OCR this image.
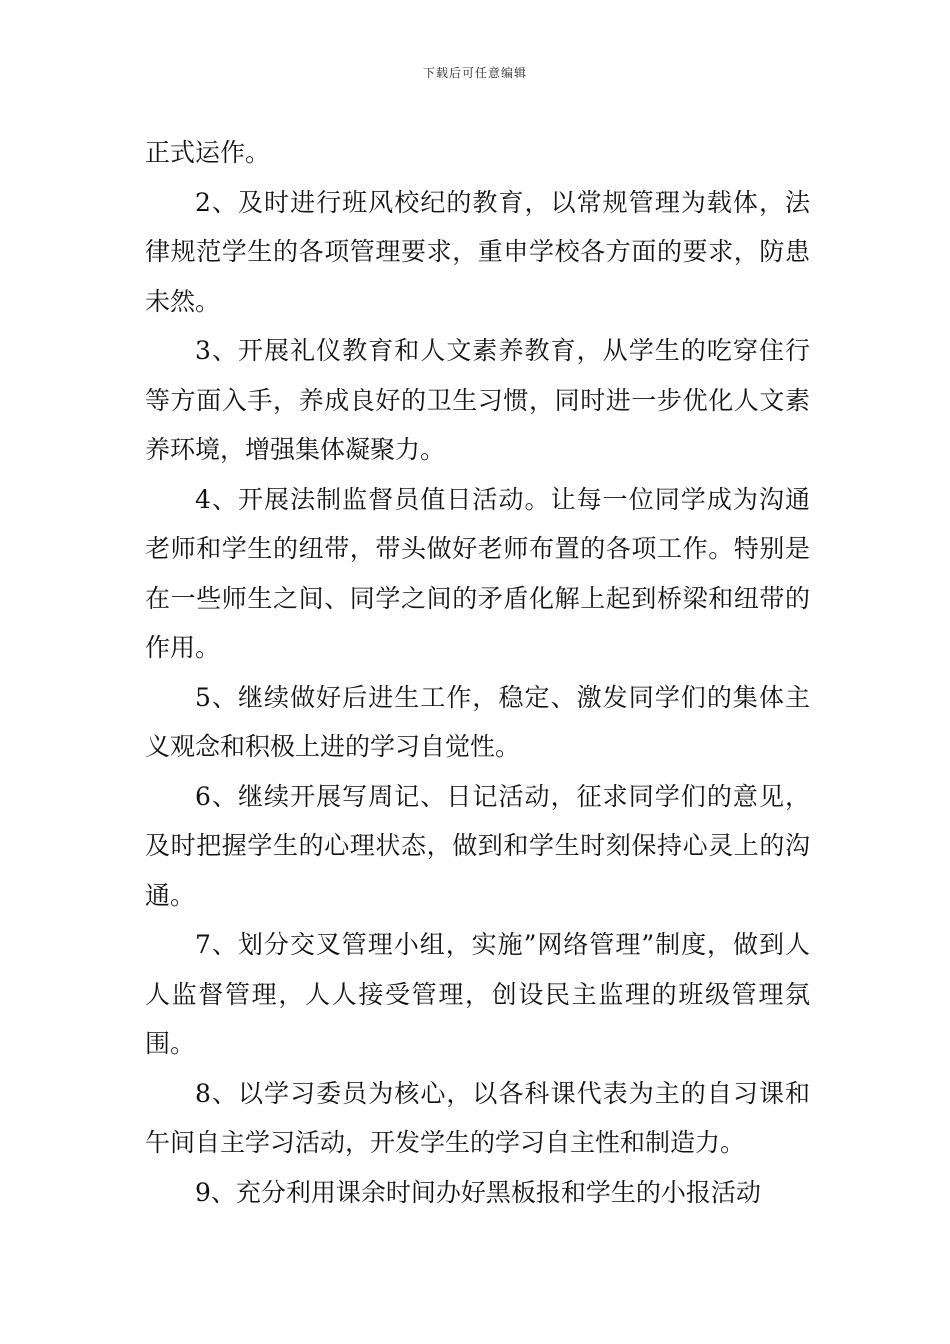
下载后可任意编辑

正式运作。

2、及时进行班风校纪的教育，以常规管理为载体，法律规范学生的各项管理要求，重申学校各方面的要求，防患未然。

3、开展礼仪教育和人文素养教育，从学生的吃穿住行等方面入手，养成良好的卫生习惯，同时进一步优化人文素养环境，增强集体凝聚力。

4、开展法制监督员值日活动。让每一位同学成为沟通老师和学生的纽带，带头做好老师布置的各项工作。特别是在一些师生之间、同学之间的矛盾化解上起到桥梁和纽带的作用。

5、继续做好后进生工作，稳定、激发同学们的集体主义观念和积极上进的学习自觉性。

6、继续开展写周记、日记活动，征求同学们的意见，及时把握学生的心理状态，做到和学生时刻保持心灵上的沟通。

7、划分交叉管理小组，实施”网络管理”制度，做到人人监督管理，人人接受管理，创设民主监理的班级管理氛围。

8、以学习委员为核心，以各科课代表为主的自习课和午间自主学习活动，开发学生的学习自主性和制造力。

9、充分利用课余时间办好黑板报和学生的小报活动
